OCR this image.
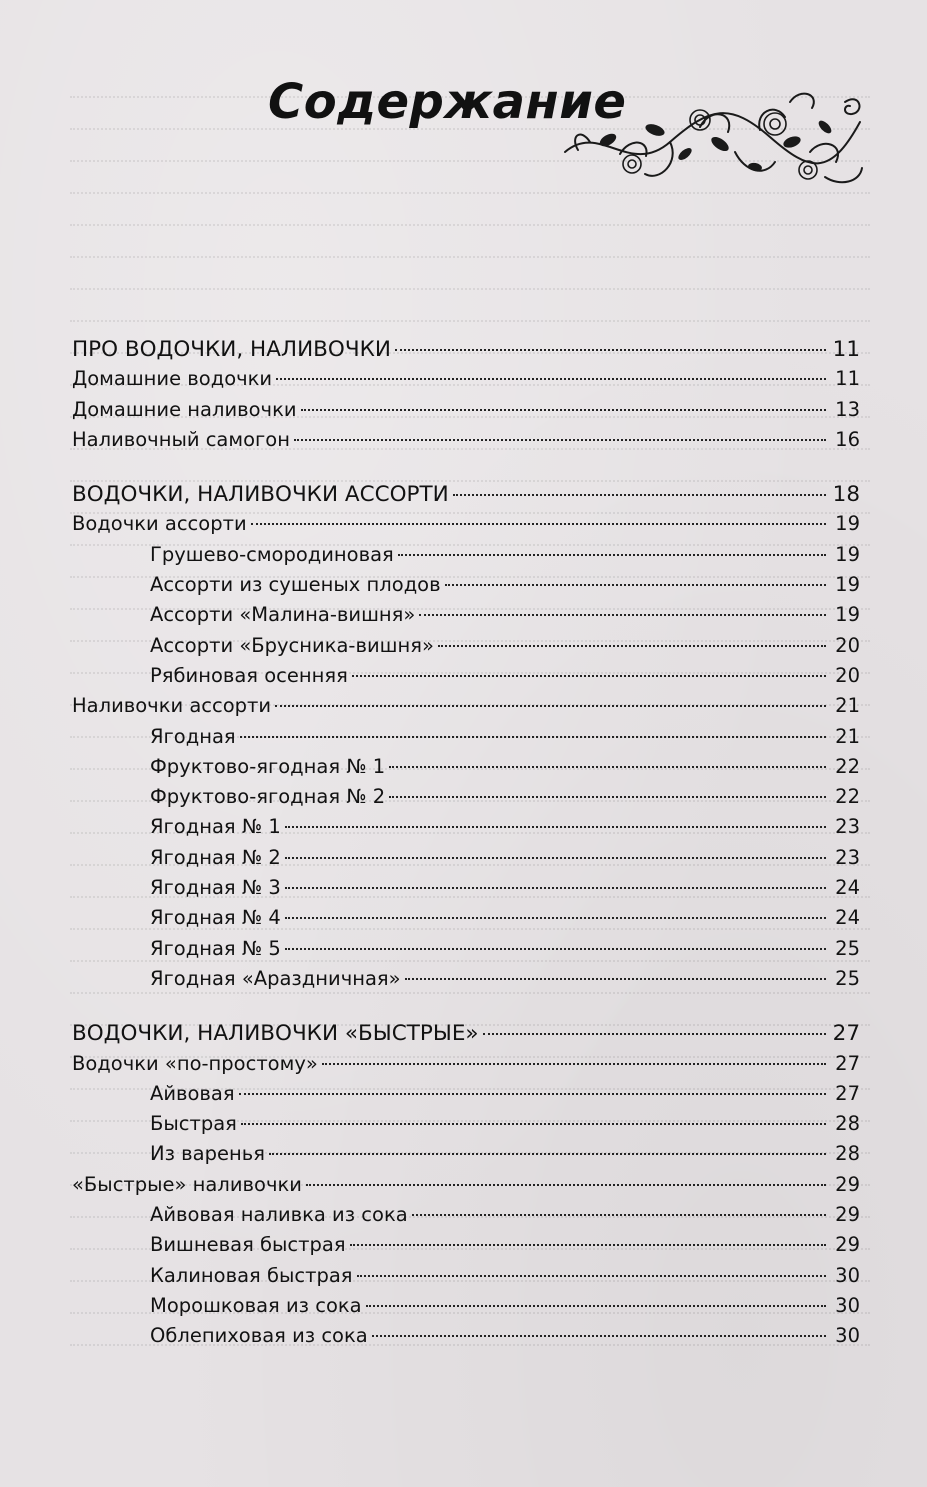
Содержание
ПРО ВОДОЧКИ, НАЛИВОЧКИ	11
Домашние водочки	11
Домашние наливочки	13
Наливочный самогон	16
ВОДОЧКИ, НАЛИВОЧКИ АССОРТИ	18
Водочки ассорти	19
Грушево-смородиновая	19
Ассорти из сушеных плодов	19
Ассорти «Малина-вишня»	19
Ассорти «Брусника-вишня»	20
Рябиновая осенняя	20
Наливочки ассорти	21
Ягодная	21
Фруктово-ягодная № 1	22
Фруктово-ягодная № 2	22
Ягодная № 1	23
Ягодная № 2	23
Ягодная № 3	24
Ягодная № 4	24
Ягодная № 5	25
Ягодная «Араздничная»	25
ВОДОЧКИ, НАЛИВОЧКИ «БЫСТРЫЕ»	27
Водочки «по-простому»	27
Айвовая	27
Быстрая	28
Из варенья	28
«Быстрые» наливочки	29
Айвовая наливка из сока	29
Вишневая быстрая	29
Калиновая быстрая	30
Морошковая из сока	30
Облепиховая из сока	30
